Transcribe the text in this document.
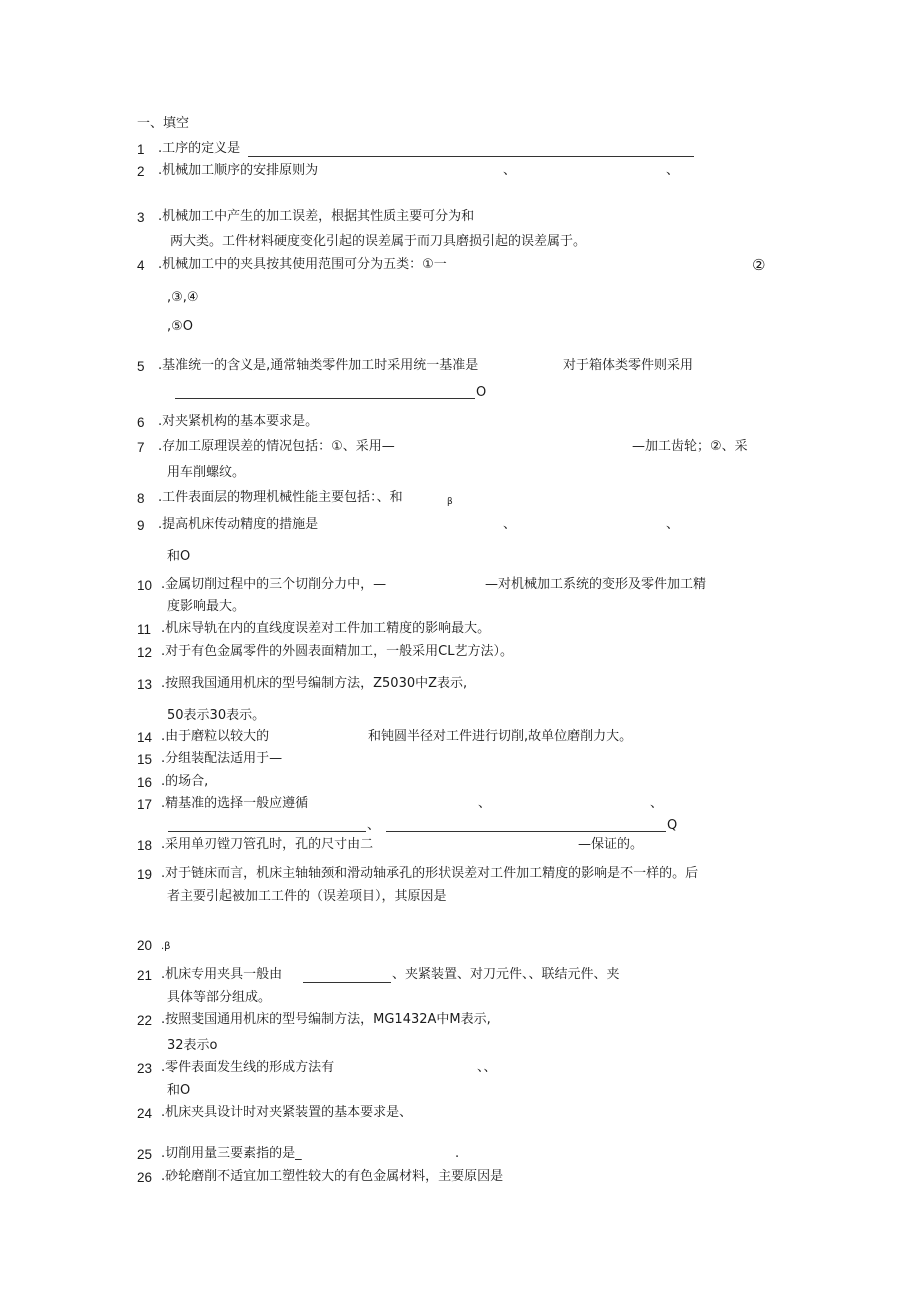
一、填空
1 .工序的定义是
2 .机械加工顺序的安排原则为	、	、
3 .机械加工中产生的加工误差，根据其性质主要可分为和
两大类。工件材料硬度变化引起的误差属于而刀具磨损引起的误差属于。
4 .机械加工中的夹具按其使用范围可分为五类：①一	②
,③,④
,⑤O
5 .基准统一的含义是,通常轴类零件加工时采用统一基准是	对于箱体类零件则采用
O
6 .对夹紧机构的基本要求是。
7 .存加工原理误差的情况包括：①、采用—	—加工齿轮；②、采
用车削螺纹。
8 .工件表面层的物理机械性能主要包括：、和	β
9 .提高机床传动精度的措施是	、	、
和O
10 .金属切削过程中的三个切削分力中，—	—对机械加工系统的变形及零件加工精
度影响最大。
11 .机床导轨在内的直线度误差对工件加工精度的影响最大。
12 .对于有色金属零件的外圆表面精加工，一般采用CL艺方法）。
13 .按照我国通用机床的型号编制方法，Z5030中Z表示,
50表示30表示。
14 .由于磨粒以较大的	和钝圆半径对工件进行切削,故单位磨削力大。
15 .分组装配法适用于—
16 .的场合,
17 .精基准的选择一般应遵循	、	、
、	Q
18 .采用单刃镗刀管孔时，孔的尺寸由二	—保证的。
19 .对于链床而言，机床主轴轴颈和滑动轴承孔的形状误差对工件加工精度的影响是不一样的。后
者主要引起被加工工件的（误差项目），其原因是
20 .β
21 .机床专用夹具一般由	、夹紧装置、对刀元件、、联结元件、夹
具体等部分组成。
22 .按照斐国通用机床的型号编制方法，MG1432A中M表示,
32表示o
23 .零件表面发生线的形成方法有	、、
和O
24 .机床夹具设计时对夹紧装置的基本要求是、
25 .切削用量三要素指的是_	.
26 .砂轮磨削不适宜加工塑性较大的有色金属材料，主要原因是
